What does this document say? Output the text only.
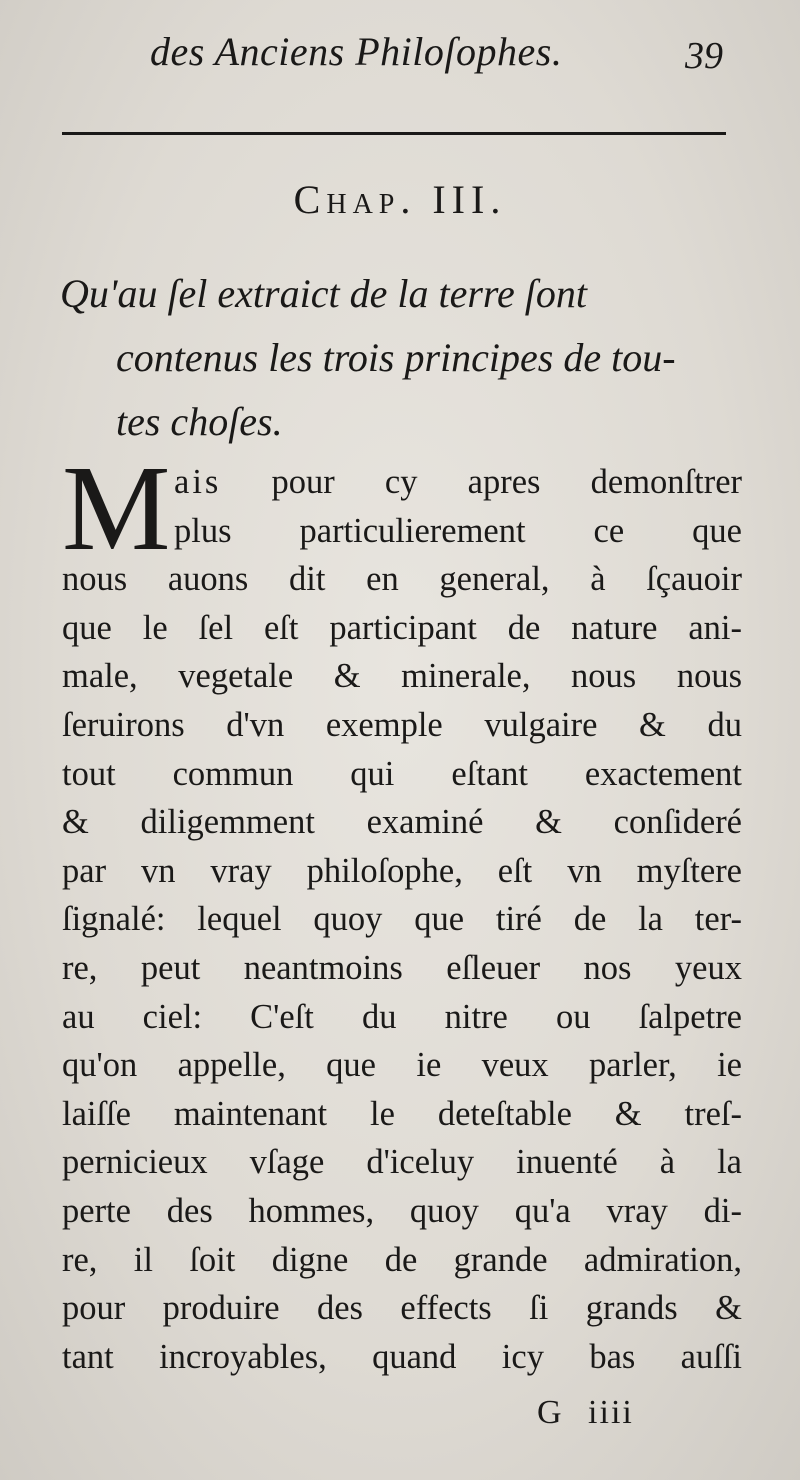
des Anciens Philoſophes.	39
Chap. III.
Qu'au ſel extraict de la terre ſont
contenus les trois principes de tou-
tes choſes.
M ais pour cy apres demonſtrer
plus particulierement ce que
nous auons dit en general, à ſçauoir
que le ſel eſt participant de nature ani-
male, vegetale & minerale, nous nous
ſeruirons d'vn exemple vulgaire & du
tout commun qui eſtant exactement
& diligemment examiné & conſideré
par vn vray philoſophe, eſt vn myſtere
ſignalé: lequel quoy que tiré de la ter-
re, peut neantmoins eſleuer nos yeux
au ciel: C'eſt du nitre ou ſalpetre
qu'on appelle, que ie veux parler, ie
laiſſe maintenant le deteſtable & treſ-
pernicieux vſage d'iceluy inuenté à la
perte des hommes, quoy qu'a vray di-
re, il ſoit digne de grande admiration,
pour produire des effects ſi grands &
tant incroyables, quand icy bas auſſi
G iiii
